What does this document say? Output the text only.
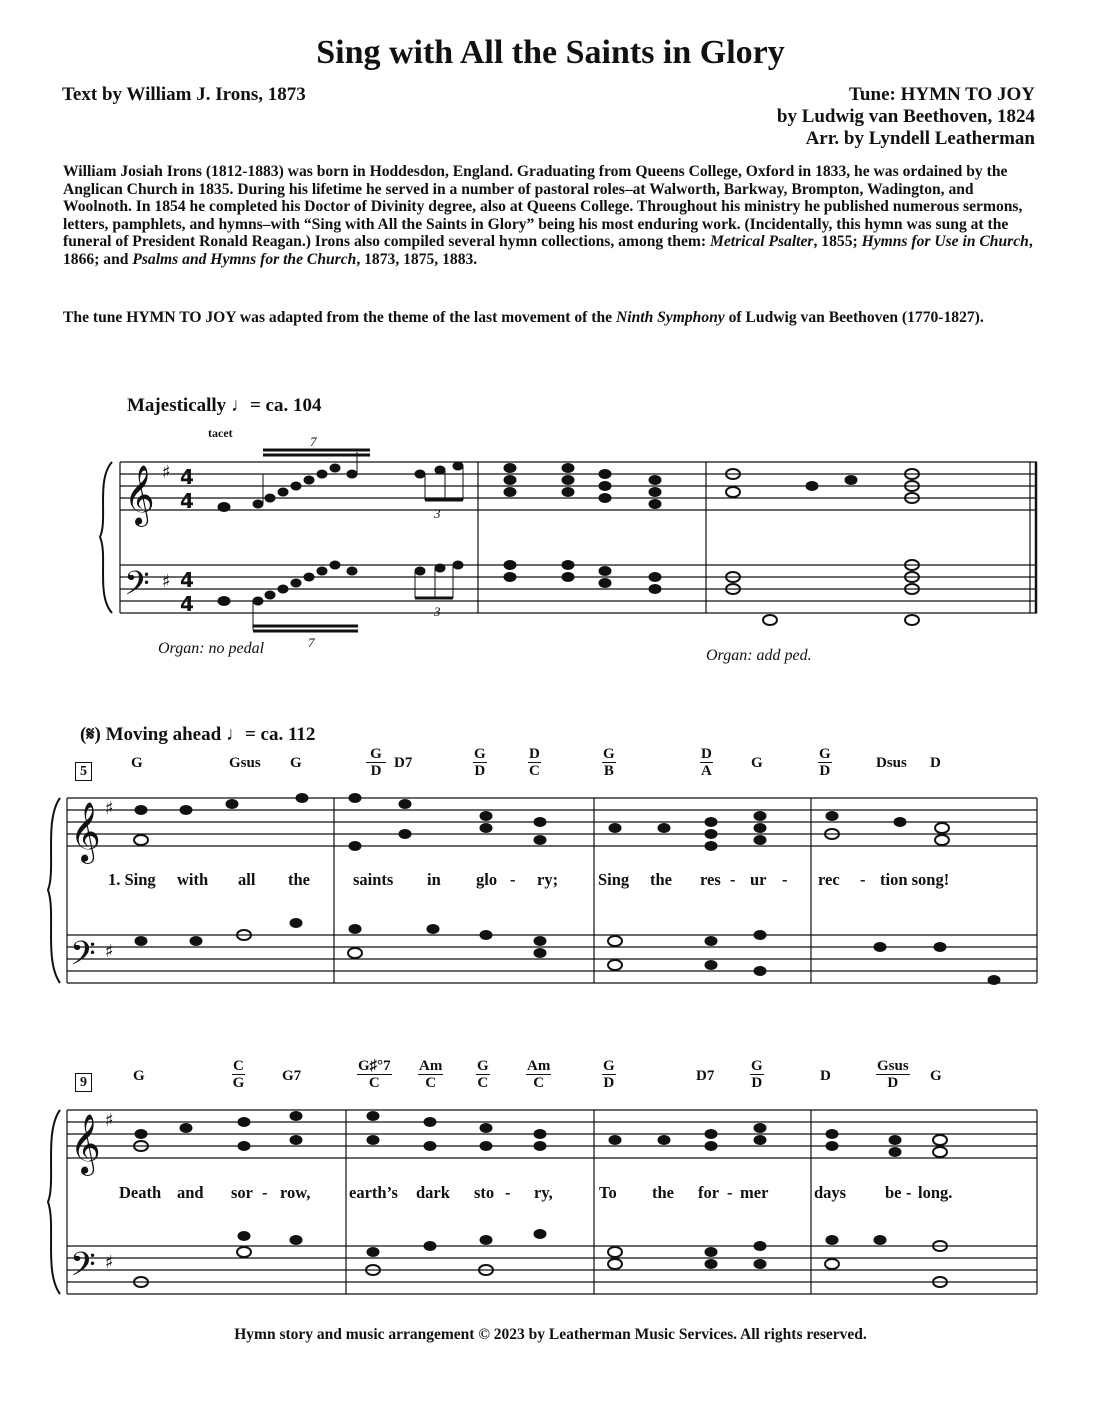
Sing with All the Saints in Glory
Text by William J. Irons, 1873	Tune: HYMN TO JOY
by Ludwig van Beethoven, 1824
Arr. by Lyndell Leatherman
William Josiah Irons (1812-1883) was born in Hoddesdon, England. Graduating from Queens College, Oxford in 1833, he was ordained by the Anglican Church in 1835. During his lifetime he served in a number of pastoral roles–at Walworth, Barkway, Brompton, Wadington, and Woolnoth. In 1854 he completed his Doctor of Divinity degree, also at Queens College. Throughout his ministry he published numerous sermons, letters, pamphlets, and hymns–with “Sing with All the Saints in Glory” being his most enduring work. (Incidentally, this hymn was sung at the funeral of President Ronald Reagan.) Irons also compiled several hymn collections, among them: Metrical Psalter, 1855; Hymns for Use in Church, 1866; and Psalms and Hymns for the Church, 1873, 1875, 1883.
The tune HYMN TO JOY was adapted from the theme of the last movement of the Ninth Symphony of Ludwig van Beethoven (1770-1827).
𝄞
𝄢
♯
♯
4
4
4
4
𝄞
𝄢
♯
♯
𝄞
𝄢
♯
♯
Majestically ♩= ca. 104
tacet
7
3
7
3
Organ: no pedal	Organ: add ped.
(𝄋) Moving ahead ♩= ca. 112
5
G	Gsus G
G
D D7
G
D
D
C
G
B
D
A	G
G
D	Dsus D
1. Sing with all the	saints in glo - ry; Sing the res - ur - rec - tion song!
9	G
C
G	G7
G♯°7
C
Am
C
G
C
Am
C
G
D	D7
G
D	D
Gsus
D	G
Death and sor - row, earth’s dark sto - ry,	To the for - mer	days be - long.
Hymn story and music arrangement © 2023 by Leatherman Music Services. All rights reserved.
